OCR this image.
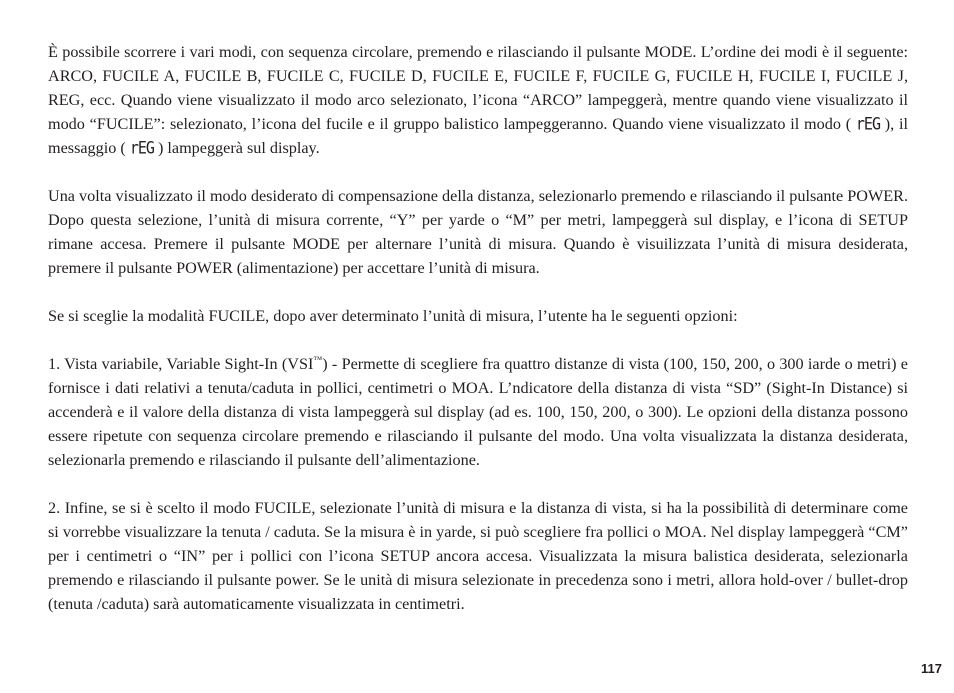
È possibile scorrere i vari modi, con sequenza circolare, premendo e rilasciando il pulsante MODE. L’ordine dei modi è il seguente: ARCO, FUCILE A, FUCILE B, FUCILE C, FUCILE D, FUCILE E, FUCILE F, FUCILE G, FUCILE H, FUCILE I, FUCILE J, REG, ecc. Quando viene visualizzato il modo arco selezionato, l’icona “ARCO” lampeggerà, mentre quando viene visualizzato il modo “FUCILE”: selezionato, l’icona del fucile e il gruppo balistico lampeggeranno. Quando viene visualizzato il modo ( rEG ), il messaggio ( rEG ) lampeggerà sul display.

Una volta visualizzato il modo desiderato di compensazione della distanza, selezionarlo premendo e rilasciando il pulsante POWER. Dopo questa selezione, l’unità di misura corrente, “Y” per yarde o “M” per metri, lampeggerà sul display, e l’icona di SETUP rimane accesa. Premere il pulsante MODE per alternare l’unità di misura. Quando è visuilizzata l’unità di misura desiderata, premere il pulsante POWER (alimentazione) per accettare l’unità di misura.

Se si sceglie la modalità FUCILE, dopo aver determinato l’unità di misura, l’utente ha le seguenti opzioni:

1. Vista variabile, Variable Sight-In (VSI™) - Permette di scegliere fra quattro distanze di vista (100, 150, 200, o 300 iarde o metri) e fornisce i dati relativi a tenuta/caduta in pollici, centimetri o MOA. L’ndicatore della distanza di vista “SD” (Sight-In Distance) si accenderà e il valore della distanza di vista lampeggerà sul display (ad es. 100, 150, 200, o 300). Le opzioni della distanza possono essere ripetute con sequenza circolare premendo e rilasciando il pulsante del modo. Una volta visualizzata la distanza desiderata, selezionarla premendo e rilasciando il pulsante dell’alimentazione.

2. Infine, se si è scelto il modo FUCILE, selezionate l’unità di misura e la distanza di vista, si ha la possibilità di determinare come si vorrebbe visualizzare la tenuta / caduta. Se la misura è in yarde, si può scegliere fra pollici o MOA. Nel display lampeggerà “CM” per i centimetri o “IN” per i pollici con l’icona SETUP ancora accesa. Visualizzata la misura balistica desiderata, selezionarla premendo e rilasciando il pulsante power. Se le unità di misura selezionate in precedenza sono i metri, allora hold-over / bullet-drop (tenuta /caduta) sarà automaticamente visualizzata in centimetri.

117
